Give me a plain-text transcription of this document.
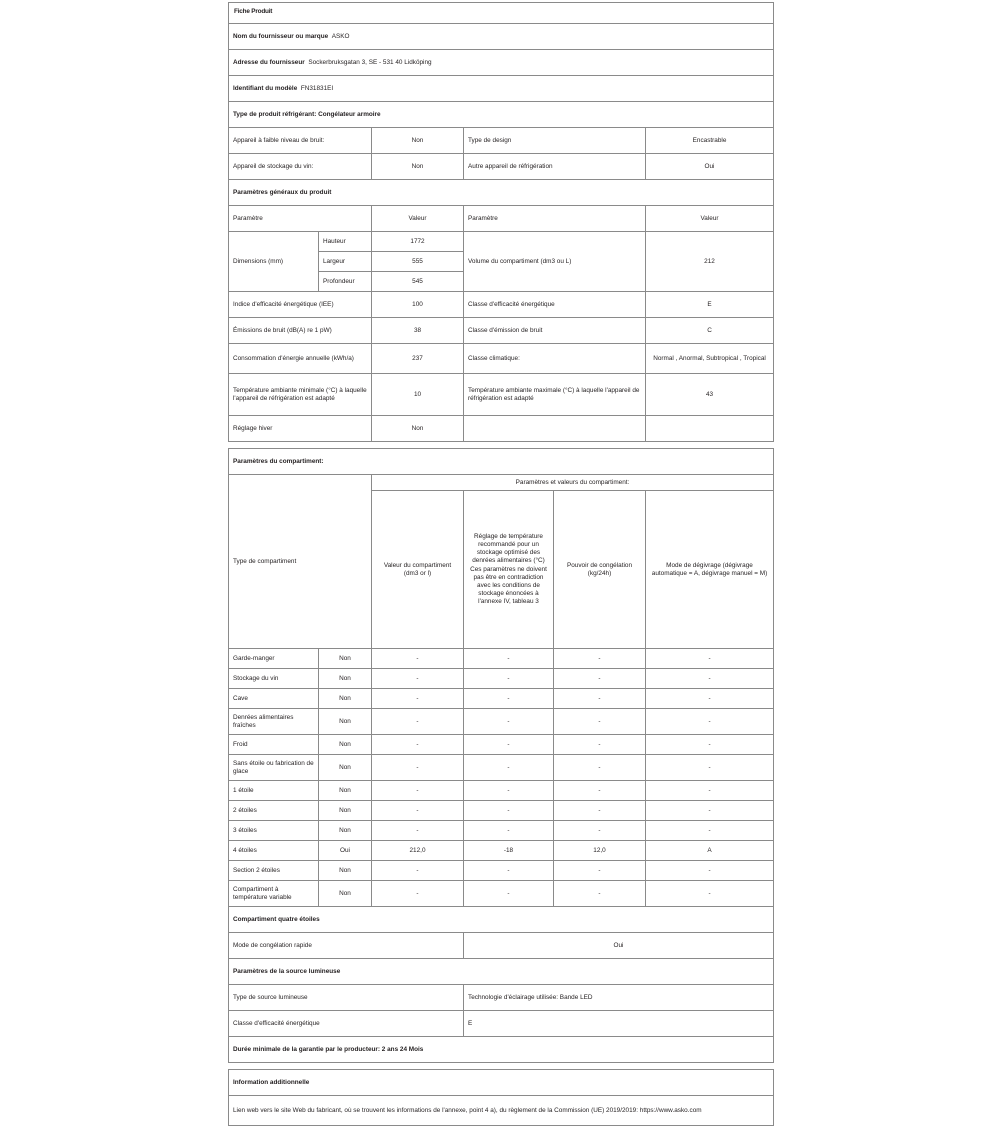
Fiche Produit					
Nom du fournisseur ou marque ASKO					
Adresse du fournisseur Sockerbruksgatan 3, SE - 531 40 Lidköping					
Identifiant du modèle FN31831EI					
Type de produit réfrigérant: Congélateur armoire					
Appareil à faible niveau de bruit:		Non	Type de design		Encastrable
Appareil de stockage du vin:		Non	Autre appareil de réfrigération		Oui
Paramètres généraux du produit					
Paramètre		Valeur	Paramètre		Valeur
Dimensions (mm)	Hauteur	1772	Volume du compartiment (dm3 ou L)		212
	Largeur	555			
	Profondeur	545			
Indice d'efficacité énergétique (IEE)		100	Classe d'efficacité énergétique		E
Émissions de bruit (dB(A) re 1 pW)		38	Classe d'émission de bruit		C
Consommation d'énergie annuelle (kWh/a)		237	Classe climatique:		Normal , Anormal, Subtropical , Tropical
Température ambiante minimale (°C) à laquelle l'appareil de réfrigération est adapté		10	Température ambiante maximale (°C) à laquelle l'appareil de réfrigération est adapté		43
Réglage hiver		Non			

Paramètres du compartiment:					
Type de compartiment		Paramètres et valeurs du compartiment:			
		Valeur du compartiment (dm3 or l)	Réglage de température recommandé pour un stockage optimisé des denrées alimentaires (°C) Ces paramètres ne doivent pas être en contradiction avec les conditions de stockage énoncées à l'annexe IV, tableau 3	Pouvoir de congélation (kg/24h)	Mode de dégivrage (dégivrage automatique = A, dégivrage manuel = M)
Garde-manger	Non	-	-	-	-
Stockage du vin	Non	-	-	-	-
Cave	Non	-	-	-	-
Denrées alimentaires fraîches	Non	-	-	-	-
Froid	Non	-	-	-	-
Sans étoile ou fabrication de glace	Non	-	-	-	-
1 étoile	Non	-	-	-	-
2 étoiles	Non	-	-	-	-
3 étoiles	Non	-	-	-	-
4 étoiles	Oui	212,0	-18	12,0	A
Section 2 étoiles	Non	-	-	-	-
Compartiment à température variable	Non	-	-	-	-
Compartiment quatre étoiles					
Mode de congélation rapide			Oui		
Paramètres de la source lumineuse					
Type de source lumineuse			Technologie d'éclairage utilisée: Bande LED		
Classe d'efficacité énergétique			E		
Durée minimale de la garantie par le producteur: 2 ans 24 Mois					

Information additionnelle					
Lien web vers le site Web du fabricant, où se trouvent les informations de l'annexe, point 4 a), du règlement de la Commission (UE) 2019/2019: https://www.asko.com					
